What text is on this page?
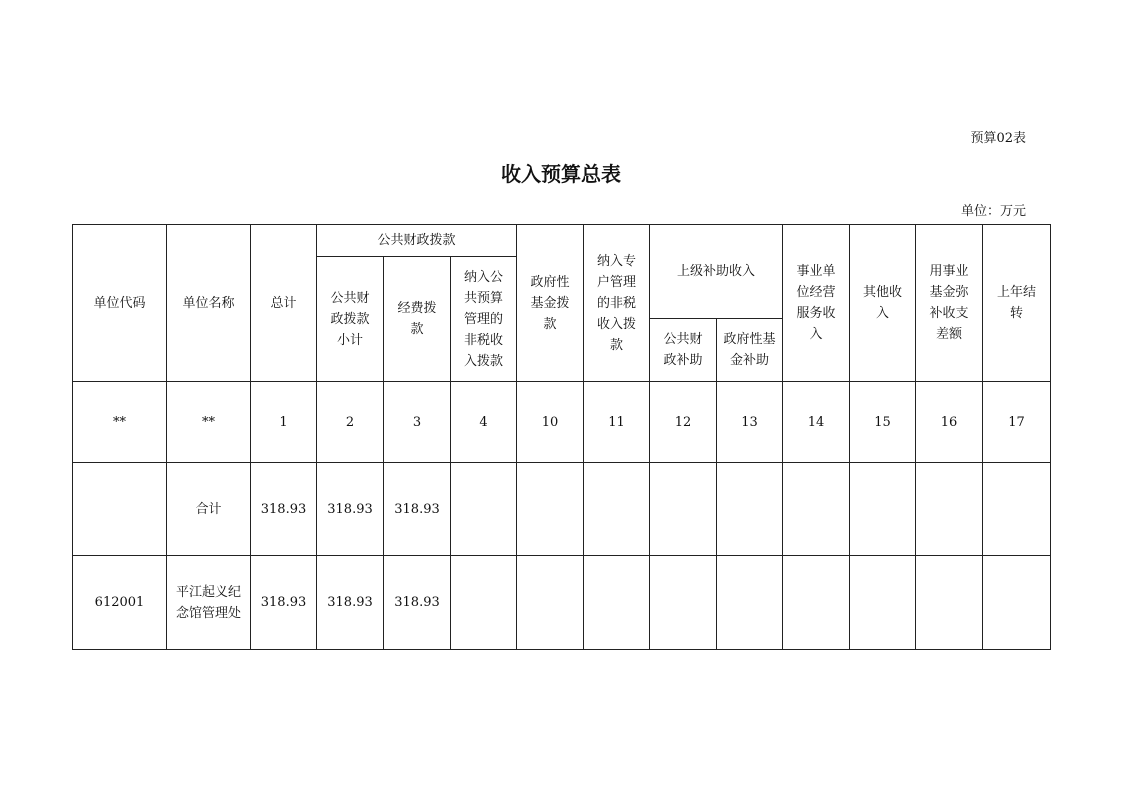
预算02表
收入预算总表
单位：万元
单位代码	单位名称	总计	公共财政拨款			政府性基金拨款	纳入专户管理的非税收入拨款	上级补助收入		事业单位经营服务收入	其他收入	用事业基金弥补收支差额	上年结转
			公共财政拨款小计	经费拨款	纳入公共预算管理的非税收入拨款								
								公共财政补助	政府性基金补助				
**	**	1	2	3	4	10	11	12	13	14	15	16	17
	合计	318.93	318.93	318.93									
612001	平江起义纪念馆管理处	318.93	318.93	318.93									
